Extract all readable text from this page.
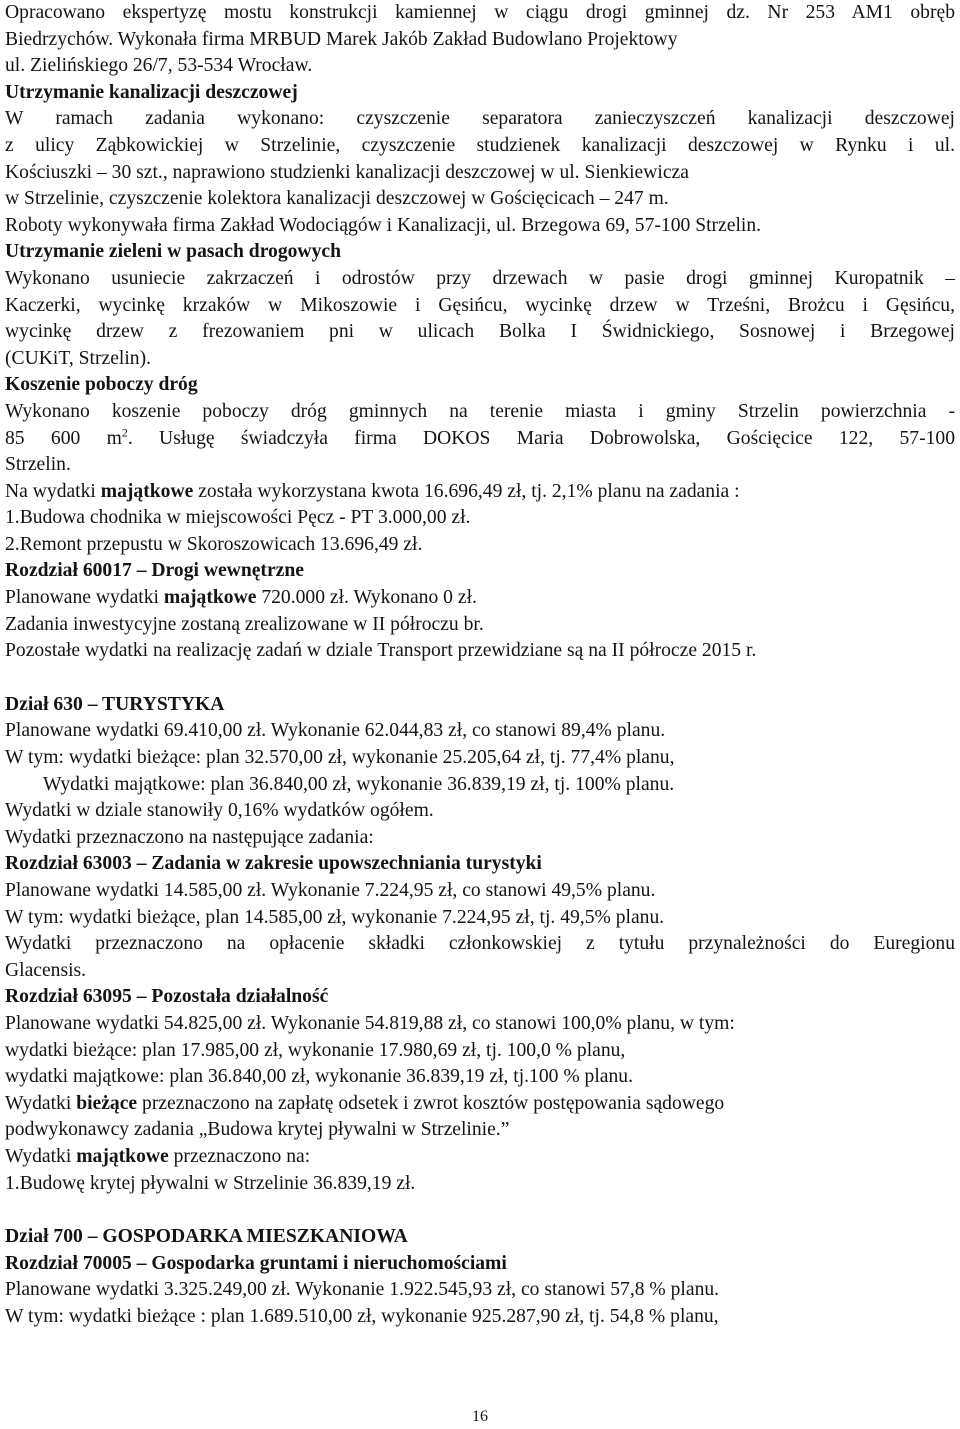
Opracowano ekspertyzę mostu konstrukcji kamiennej w ciągu drogi gminnej dz. Nr 253 AM1 obręb
Biedrzychów. Wykonała firma MRBUD Marek Jakób Zakład Budowlano Projektowy
ul. Zielińskiego 26/7, 53-534 Wrocław.
Utrzymanie kanalizacji deszczowej
W ramach zadania wykonano: czyszczenie separatora zanieczyszczeń kanalizacji deszczowej
z ulicy Ząbkowickiej w Strzelinie, czyszczenie studzienek kanalizacji deszczowej w Rynku i ul.
Kościuszki – 30 szt., naprawiono studzienki kanalizacji deszczowej w ul. Sienkiewicza
w Strzelinie, czyszczenie kolektora kanalizacji deszczowej w Gościęcicach – 247 m.
Roboty wykonywała firma Zakład Wodociągów i Kanalizacji, ul. Brzegowa 69, 57-100 Strzelin.
Utrzymanie zieleni w pasach drogowych
Wykonano usuniecie zakrzaczeń i odrostów przy drzewach w pasie drogi gminnej Kuropatnik –
Kaczerki, wycinkę krzaków w Mikoszowie i Gęsińcu, wycinkę drzew w Trześni, Brożcu i Gęsińcu,
wycinkę drzew z frezowaniem pni w ulicach Bolka I Świdnickiego, Sosnowej i Brzegowej
(CUKiT, Strzelin).
Koszenie poboczy dróg
Wykonano koszenie poboczy dróg gminnych na terenie miasta i gminy Strzelin powierzchnia -
85 600 $m^2$. Usługę świadczyła firma DOKOS Maria Dobrowolska, Gościęcice 122, 57-100
Strzelin.
Na wydatki majątkowe została wykorzystana kwota 16.696,49 zł, tj. 2,1% planu na zadania :
1.Budowa chodnika w miejscowości Pęcz - PT 3.000,00 zł.
2.Remont przepustu w Skoroszowicach 13.696,49 zł.
Rozdział 60017 – Drogi wewnętrzne
Planowane wydatki majątkowe 720.000 zł. Wykonano 0 zł.
Zadania inwestycyjne zostaną zrealizowane w II półroczu br.
Pozostałe wydatki na realizację zadań w dziale Transport przewidziane są na II półrocze 2015 r.
Dział 630 – TURYSTYKA
Planowane wydatki 69.410,00 zł. Wykonanie 62.044,83 zł, co stanowi 89,4% planu.
W tym: wydatki bieżące: plan 32.570,00 zł, wykonanie 25.205,64 zł, tj. 77,4% planu,
Wydatki majątkowe: plan 36.840,00 zł, wykonanie 36.839,19 zł, tj. 100% planu.
Wydatki w dziale stanowiły 0,16% wydatków ogółem.
Wydatki przeznaczono na następujące zadania:
Rozdział 63003 – Zadania w zakresie upowszechniania turystyki
Planowane wydatki 14.585,00 zł. Wykonanie 7.224,95 zł, co stanowi 49,5% planu.
W tym: wydatki bieżące, plan 14.585,00 zł, wykonanie 7.224,95 zł, tj. 49,5% planu.
Wydatki przeznaczono na opłacenie składki członkowskiej z tytułu przynależności do Euregionu
Glacensis.
Rozdział 63095 – Pozostała działalność
Planowane wydatki 54.825,00 zł. Wykonanie 54.819,88 zł, co stanowi 100,0% planu, w tym:
wydatki bieżące: plan 17.985,00 zł, wykonanie 17.980,69 zł, tj. 100,0 % planu,
wydatki majątkowe: plan 36.840,00 zł, wykonanie 36.839,19 zł, tj.100 % planu.
Wydatki bieżące przeznaczono na zapłatę odsetek i zwrot kosztów postępowania sądowego
podwykonawcy zadania „Budowa krytej pływalni w Strzelinie.”
Wydatki majątkowe przeznaczono na:
1.Budowę krytej pływalni w Strzelinie 36.839,19 zł.
Dział 700 – GOSPODARKA MIESZKANIOWA
Rozdział 70005 – Gospodarka gruntami i nieruchomościami
Planowane wydatki 3.325.249,00 zł. Wykonanie 1.922.545,93 zł, co stanowi 57,8 % planu.
W tym: wydatki bieżące : plan 1.689.510,00 zł, wykonanie 925.287,90 zł, tj. 54,8 % planu,
16
